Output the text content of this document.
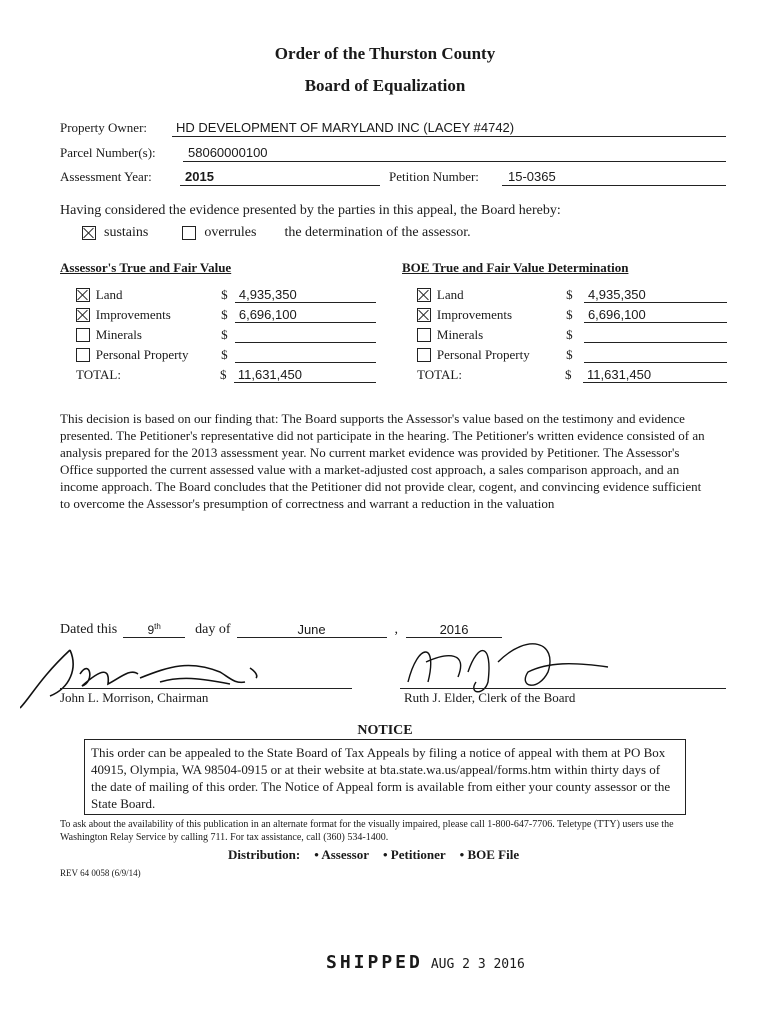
Order of the Thurston County
Board of Equalization
Property Owner:	HD DEVELOPMENT OF MARYLAND INC (LACEY #4742)
Parcel Number(s):	58060000100
Assessment Year:	2015	Petition Number:	15-0365
Having considered the evidence presented by the parties in this appeal, the Board hereby:
sustains	overrules the determination of the assessor.
Assessor's True and Fair Value
Land	$ 4,935,350
Improvements	$ 6,696,100
Minerals	$
Personal Property	$
TOTAL:	$ 11,631,450
BOE True and Fair Value Determination
Land	$	4,935,350
Improvements	$	6,696,100
Minerals	$
Personal Property	$
TOTAL:	$	11,631,450
This decision is based on our finding that: The Board supports the Assessor's value based on the testimony and evidence presented. The Petitioner's representative did not participate in the hearing. The Petitioner's written evidence consisted of an analysis prepared for the 2013 assessment year. No current market evidence was provided by Petitioner. The Assessor's Office supported the current assessed value with a market-adjusted cost approach, a sales comparison approach, and an income approach. The Board concludes that the Petitioner did not provide clear, cogent, and convincing evidence sufficient to overcome the Assessor's presumption of correctness and warrant a reduction in the valuation
Dated this	9th	day of	June	,	2016
John L. Morrison, Chairman	Ruth J. Elder, Clerk of the Board
NOTICE
This order can be appealed to the State Board of Tax Appeals by filing a notice of appeal with them at PO Box 40915, Olympia, WA 98504-0915 or at their website at bta.state.wa.us/appeal/forms.htm within thirty days of the date of mailing of this order. The Notice of Appeal form is available from either your county assessor or the State Board.
To ask about the availability of this publication in an alternate format for the visually impaired, please call 1-800-647-7706. Teletype (TTY) users use the Washington Relay Service by calling 711. For tax assistance, call (360) 534-1400.
Distribution: • Assessor • Petitioner • BOE File
REV 64 0058 (6/9/14)
SHIPPED AUG 2 3 2016
